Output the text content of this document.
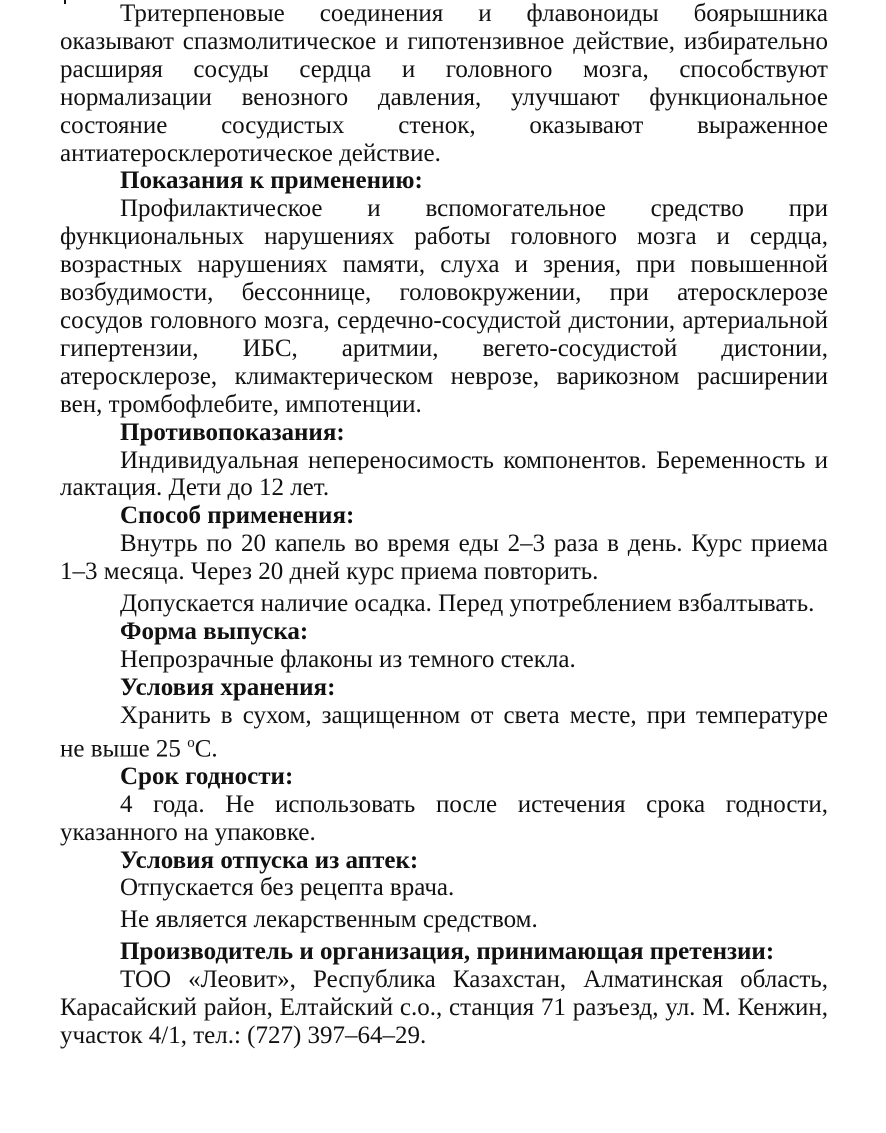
Тритерпеновые соединения и флавоноиды боярышника оказывают спазмолитическое и гипотензивное действие, избирательно расширяя сосуды сердца и головного мозга, способствуют нормализации венозного давления, улучшают функциональное состояние сосудистых стенок, оказывают выраженное антиатеросклеротическое действие.

Показания к применению:

Профилактическое и вспомогательное средство при функциональных нарушениях работы головного мозга и сердца, возрастных нарушениях памяти, слуха и зрения, при повышенной возбудимости, бессоннице, головокружении, при атеросклерозе сосудов головного мозга, сердечно-сосудистой дистонии, артериальной гипертензии, ИБС, аритмии, вегето-сосудистой дистонии, атеросклерозе, климактерическом неврозе, варикозном расширении вен, тромбофлебите, импотенции.

Противопоказания:

Индивидуальная непереносимость компонентов. Беременность и лактация. Дети до 12 лет.

Способ применения:

Внутрь по 20 капель во время еды 2–3 раза в день. Курс приема 1–3 месяца. Через 20 дней курс приема повторить.

Допускается наличие осадка. Перед употреблением взбалтывать.

Форма выпуска:

Непрозрачные флаконы из темного стекла.

Условия хранения:

Хранить в сухом, защищенном от света месте, при температуре не выше 25 $^о$С.

Срок годности:

4 года. Не использовать после истечения срока годности, указанного на упаковке.

Условия отпуска из аптек:

Отпускается без рецепта врача.

Не является лекарственным средством.

Производитель и организация, принимающая претензии:

ТОО «Леовит», Республика Казахстан, Алматинская область, Карасайский район, Елтайский с.о., станция 71 разъезд, ул. М. Кенжин, участок 4/1, тел.: (727) 397–64–29.
